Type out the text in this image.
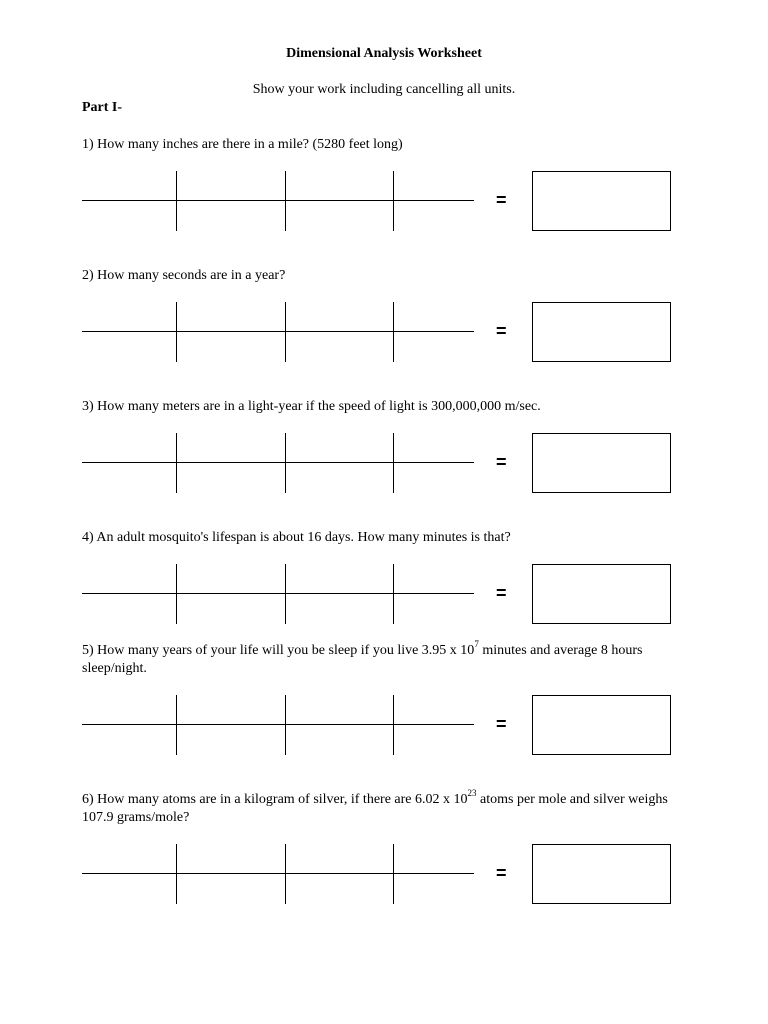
Dimensional Analysis Worksheet
Show your work including cancelling all units.
Part I-
1) How many inches are there in a mile? (5280 feet long)
=
2) How many seconds are in a year?
=
3) How many meters are in a light-year if the speed of light is 300,000,000 m/sec.
=
4) An adult mosquito's lifespan is about 16 days. How many minutes is that?
=
5) How many years of your life will you be sleep if you live 3.95 x $10^7$ minutes and average 8 hours sleep/night.
=
6) How many atoms are in a kilogram of silver, if there are 6.02 x $10^{23}$ atoms per mole and silver weighs 107.9 grams/mole?
=
